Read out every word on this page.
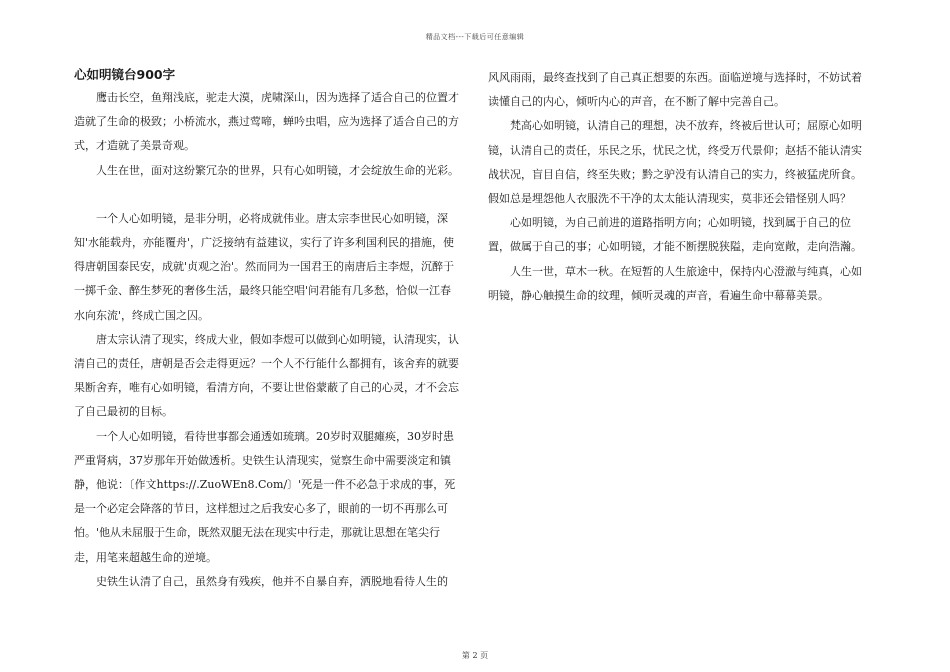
精品文档---下载后可任意编辑
心如明镜台900字

鹰击长空，鱼翔浅底，驼走大漠，虎啸深山，因为选择了适合自己的位置才造就了生命的极致；小桥流水，燕过莺啼，蝉吟虫唱，应为选择了适合自己的方式，才造就了美景奇观。

人生在世，面对这纷繁冗杂的世界，只有心如明镜，才会绽放生命的光彩。

一个人心如明镜，是非分明，必将成就伟业。唐太宗李世民心如明镜，深知'水能载舟，亦能覆舟'，广泛接纳有益建议，实行了许多利国利民的措施，使得唐朝国泰民安，成就'贞观之治'。然而同为一国君王的南唐后主李煜，沉醉于一掷千金、醉生梦死的奢侈生活，最终只能空唱'问君能有几多愁，恰似一江春水向东流'，终成亡国之囚。

唐太宗认清了现实，终成大业，假如李煜可以做到心如明镜，认清现实，认清自己的责任，唐朝是否会走得更远？一个人不行能什么都拥有，该舍弃的就要果断舍弃，唯有心如明镜，看清方向，不要让世俗蒙蔽了自己的心灵，才不会忘了自己最初的目标。

一个人心如明镜，看待世事都会通透如琉璃。20岁时双腿瘫痪，30岁时患严重肾病，37岁那年开始做透析。史铁生认清现实，觉察生命中需要淡定和镇静，他说：〔作文https://.ZuoWEn8.Com/〕'死是一件不必急于求成的事，死是一个必定会降落的节日，这样想过之后我安心多了，眼前的一切不再那么可怕。'他从未屈服于生命，既然双腿无法在现实中行走，那就让思想在笔尖行走，用笔来超越生命的逆境。

史铁生认清了自己，虽然身有残疾，他并不自暴自弃，洒脱地看待人生的

风风雨雨，最终查找到了自己真正想要的东西。面临逆境与选择时，不妨试着读懂自己的内心，倾听内心的声音，在不断了解中完善自己。

梵高心如明镜，认清自己的理想，决不放弃，终被后世认可；屈原心如明镜，认清自己的责任，乐民之乐，忧民之忧，终受万代景仰；赵括不能认清实战状况，盲目自信，终至失败；黔之驴没有认清自己的实力，终被猛虎所食。假如总是埋怨他人衣服洗不干净的太太能认清现实，莫非还会错怪别人吗？

心如明镜，为自己前进的道路指明方向；心如明镜，找到属于自己的位置，做属于自己的事；心如明镜，才能不断摆脱狭隘，走向宽敞，走向浩瀚。

人生一世，草木一秋。在短暂的人生旅途中，保持内心澄澈与纯真，心如明镜，静心触摸生命的纹理，倾听灵魂的声音，看遍生命中幕幕美景。

第 2 页
